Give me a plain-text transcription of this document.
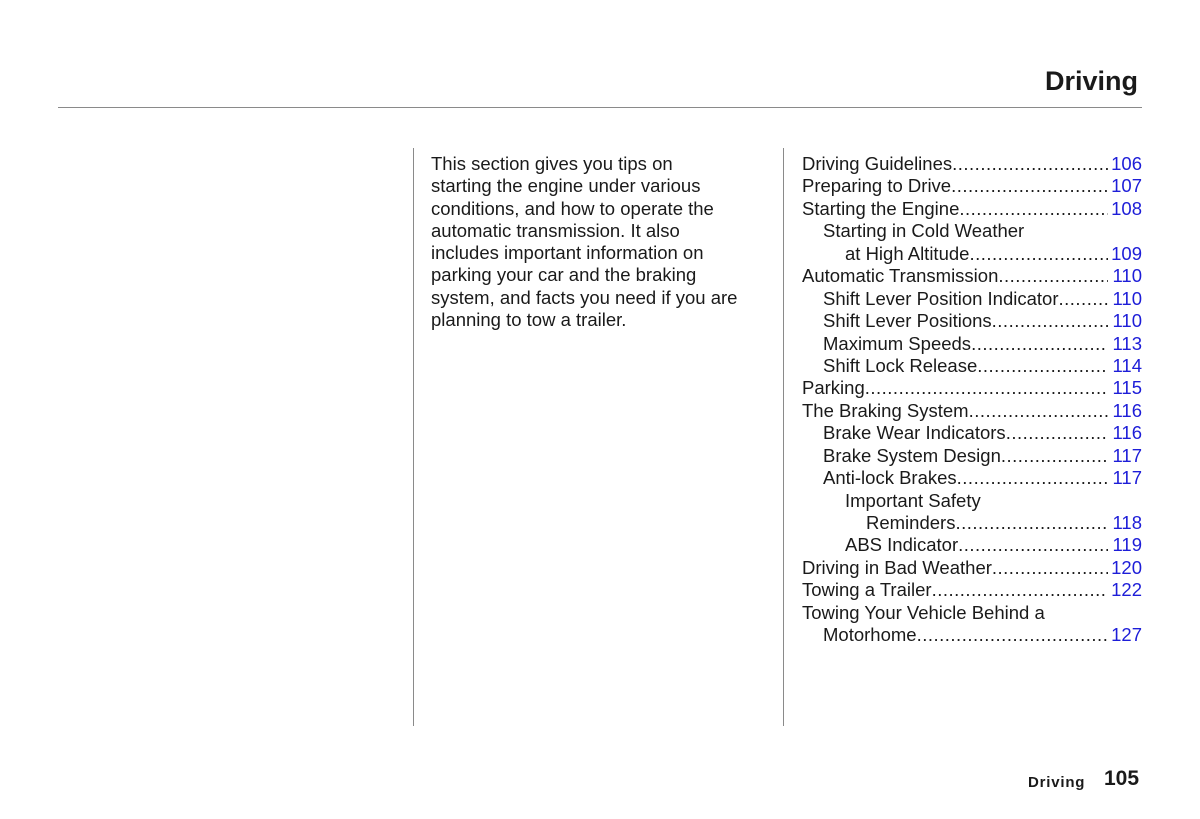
Driving
This section gives you tips on
starting the engine under various
conditions, and how to operate the
automatic transmission. It also
includes important information on
parking your car and the braking
system, and facts you need if you are
planning to tow a trailer.
Driving Guidelines .....	106
Preparing to Drive .....	107
Starting the Engine .....	108
Starting in Cold Weather
at High Altitude .....	109
Automatic Transmission .....	110
Shift Lever Position Indicator .....	110
Shift Lever Positions .....	110
Maximum Speeds .....	113
Shift Lock Release .....	114
Parking .....	115
The Braking System .....	116
Brake Wear Indicators .....	116
Brake System Design .....	117
Anti-lock Brakes .....	117
Important Safety
Reminders .....	118
ABS Indicator .....	119
Driving in Bad Weather .....	120
Towing a Trailer .....	122
Towing Your Vehicle Behind a
Motorhome .....	127
Driving 105
